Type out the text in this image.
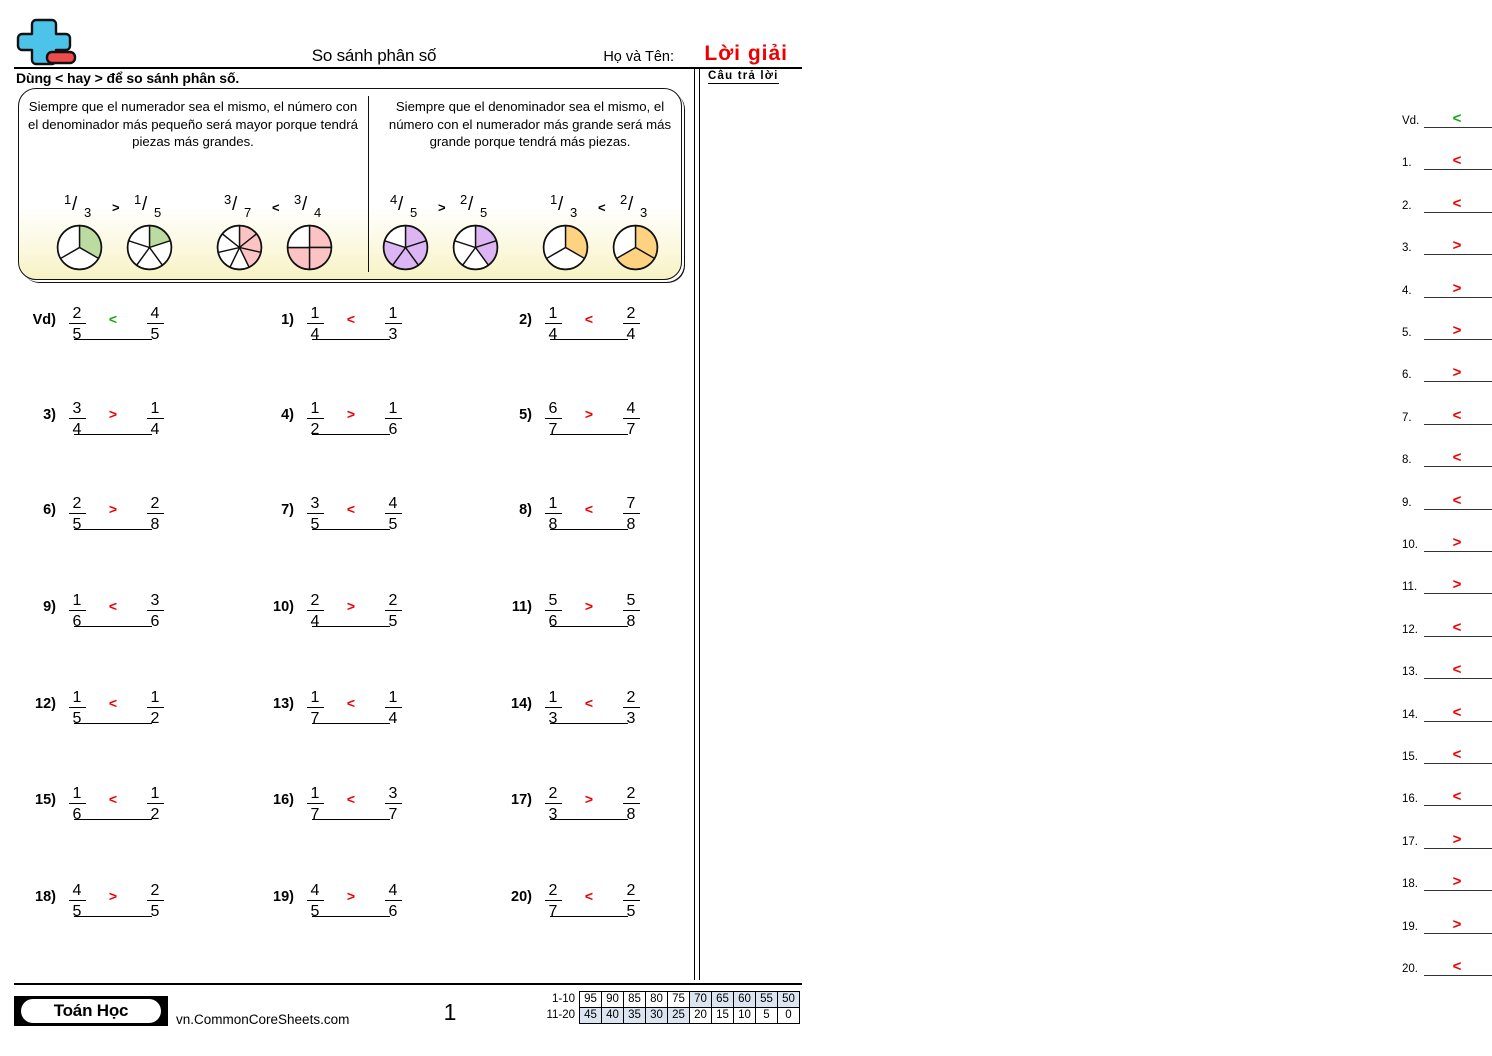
So sánh phân số	Họ và Tên: Lời giải
Dùng < hay > để so sánh phân số.
Siempre que el numerador sea el mismo, el número con el denominador más pequeño será mayor porque tendrá piezas más grandes.
Siempre que el denominador sea el mismo, el número con el numerador más grande será más grande porque tendrá más piezas.
1 / 3 >
1 / 5
3 / 7 <
3 / 4
4 / 5 >
2 / 5
1 / 3 <
2 / 3
$Vd) \frac{2}{5}$	<	$\frac{4}{5}$	$1) \frac{1}{4}$	<	$\frac{1}{3}$	$2) \frac{1}{4}$	<	$\frac{2}{4}$
$3) \frac{3}{4}$	>	$\frac{1}{4}$	$4) \frac{1}{2}$	>	$\frac{1}{6}$	$5) \frac{6}{7}$	>	$\frac{4}{7}$
$6) \frac{2}{5}$	>	$\frac{2}{8}$	$7) \frac{3}{5}$	<	$\frac{4}{5}$	$8) \frac{1}{8}$	<	$\frac{7}{8}$
$9) \frac{1}{6}$	<	$\frac{3}{6}$	$10) \frac{2}{4}$	>	$\frac{2}{5}$	$11) \frac{5}{6}$	>	$\frac{5}{8}$
$12) \frac{1}{5}$	<	$\frac{1}{2}$	$13) \frac{1}{7}$	<	$\frac{1}{4}$	$14) \frac{1}{3}$	<	$\frac{2}{3}$
$15) \frac{1}{6}$	<	$\frac{1}{2}$	$16) \frac{1}{7}$	<	$\frac{3}{7}$	$17) \frac{2}{3}$	>	$\frac{2}{8}$
$18) \frac{4}{5}$	>	$\frac{2}{5}$	$19) \frac{4}{5}$	>	$\frac{4}{6}$	$20) \frac{2}{7}$	<	$\frac{2}{5}$
Câu trả lời
Vd.	<
1.	<
2.	<
3.	>
4.	>
5.	>
6.	>
7.	<
8.	<
9.	<
10.	>
11.	>
12.	<
13.	<
14.	<
15.	<
16.	<
17.	>
18.	>
19.	>
20.	<
Toán Học	vn.CommonCoreSheets.com	1	1-10	95	90	85	80	75	70	65	60	55	50
11-20	45	40	35	30	25	20	15	10	5	0
